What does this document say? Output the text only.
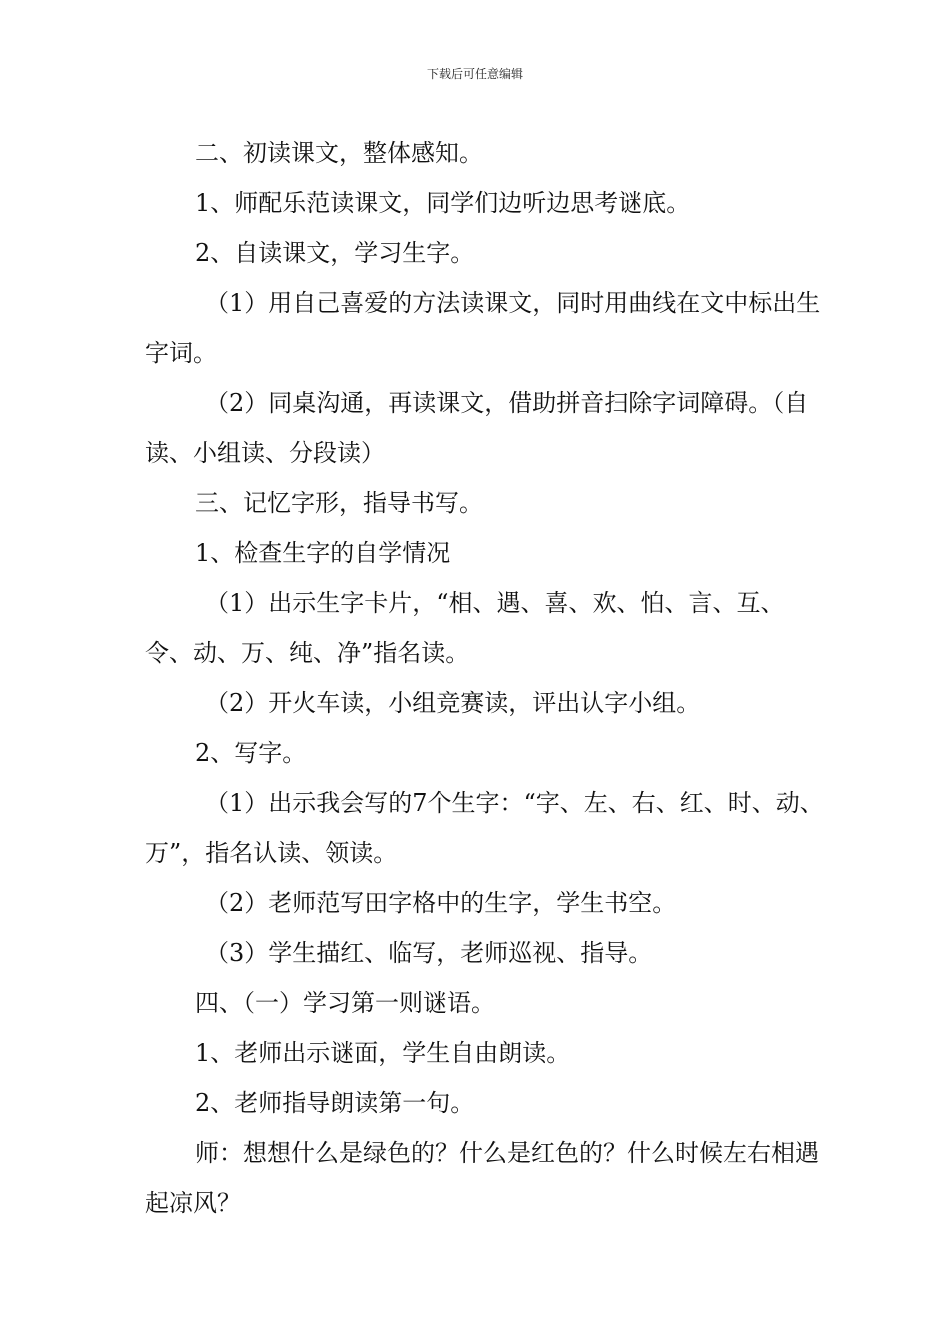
下载后可任意编辑

二、初读课文，整体感知。

1、师配乐范读课文，同学们边听边思考谜底。

2、自读课文，学习生字。

（1）用自己喜爱的方法读课文，同时用曲线在文中标出生字词。

（2）同桌沟通，再读课文，借助拼音扫除字词障碍。（自读、小组读、分段读）

三、记忆字形，指导书写。

1、检查生字的自学情况

（1）出示生字卡片，“相、遇、喜、欢、怕、言、互、令、动、万、纯、净”指名读。

（2）开火车读，小组竞赛读，评出认字小组。

2、写字。

（1）出示我会写的7个生字：“字、左、右、红、时、动、万”，指名认读、领读。

（2）老师范写田字格中的生字，学生书空。

（3）学生描红、临写，老师巡视、指导。

四、（一）学习第一则谜语。

1、老师出示谜面，学生自由朗读。

2、老师指导朗读第一句。

师：想想什么是绿色的？什么是红色的？什么时候左右相遇起凉风？
